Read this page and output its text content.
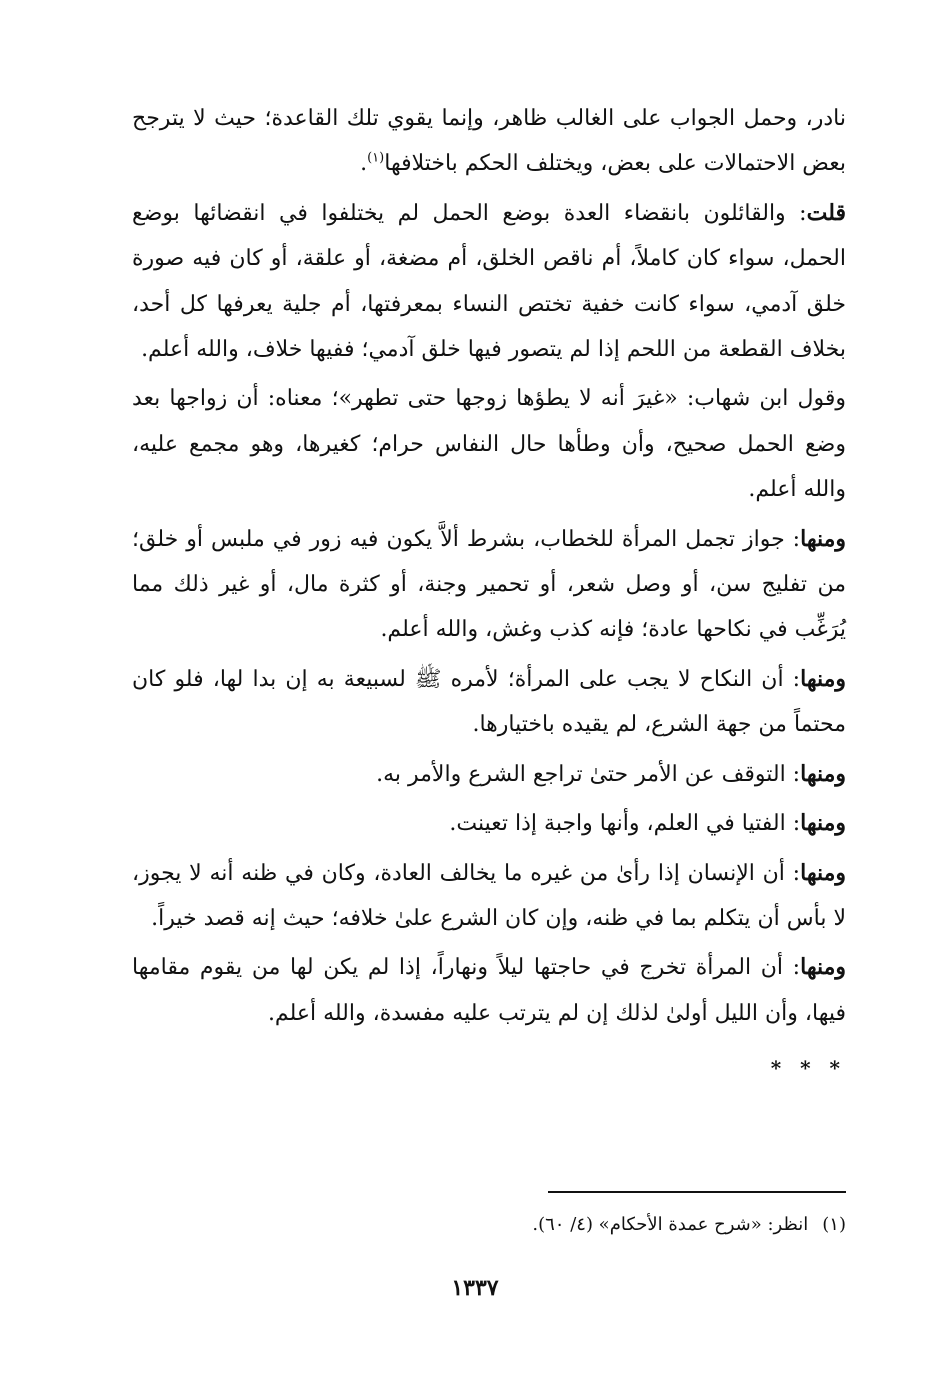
نادر، وحمل الجواب على الغالب ظاهر، وإنما يقوي تلك القاعدة؛ حيث لا يترجح بعض الاحتمالات على بعض، ويختلف الحكم باختلافها$^{(١)}$.

قلت: والقائلون بانقضاء العدة بوضع الحمل لم يختلفوا في انقضائها بوضع الحمل، سواء كان كاملاً، أم ناقص الخلق، أم مضغة، أو علقة، أو كان فيه صورة خلق آدمي، سواء كانت خفية تختص النساء بمعرفتها، أم جلية يعرفها كل أحد، بخلاف القطعة من اللحم إذا لم يتصور فيها خلق آدمي؛ ففيها خلاف، والله أعلم.

وقول ابن شهاب: «غيرَ أنه لا يطؤها زوجها حتى تطهر»؛ معناه: أن زواجها بعد وضع الحمل صحيح، وأن وطأها حال النفاس حرام؛ كغيرها، وهو مجمع عليه، والله أعلم.

ومنها: جواز تجمل المرأة للخطاب، بشرط ألاَّ يكون فيه زور في ملبس أو خلق؛ من تفليج سن، أو وصل شعر، أو تحمير وجنة، أو كثرة مال، أو غير ذلك مما يُرَغِّب في نكاحها عادة؛ فإنه كذب وغش، والله أعلم.

ومنها: أن النكاح لا يجب على المرأة؛ لأمره ﷺ لسبيعة به إن بدا لها، فلو كان محتماً من جهة الشرع، لم يقيده باختيارها.

ومنها: التوقف عن الأمر حتىٰ تراجع الشرع والأمر به.

ومنها: الفتيا في العلم، وأنها واجبة إذا تعينت.

ومنها: أن الإنسان إذا رأىٰ من غيره ما يخالف العادة، وكان في ظنه أنه لا يجوز، لا بأس أن يتكلم بما في ظنه، وإن كان الشرع علىٰ خلافه؛ حيث إنه قصد خيراً.

ومنها: أن المرأة تخرج في حاجتها ليلاً ونهاراً، إذا لم يكن لها من يقوم مقامها فيها، وأن الليل أولىٰ لذلك إن لم يترتب عليه مفسدة، والله أعلم.

* * *
(١)انظر: «شرح عمدة الأحكام» (٤/ ٦٠).
١٣٣٧
